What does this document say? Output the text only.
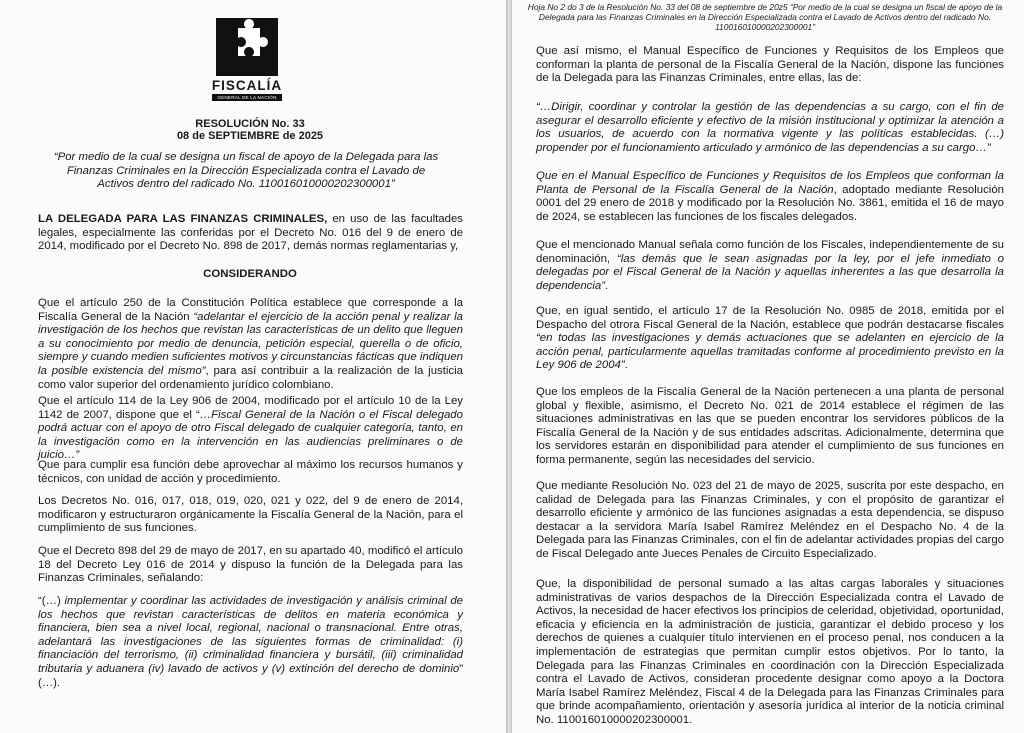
FISCALÍA
GENERAL DE LA NACIÓN

RESOLUCIÓN No. 33

08 de SEPTIEMBRE de 2025

“Por medio de la cual se designa un fiscal de apoyo de la Delegada para las Finanzas Criminales en la Dirección Especializada contra el Lavado de Activos dentro del radicado No. 110016010000202300001”

LA DELEGADA PARA LAS FINANZAS CRIMINALES, en uso de las facultades legales, especialmente las conferidas por el Decreto No. 016 del 9 de enero de 2014, modificado por el Decreto No. 898 de 2017, demás normas reglamentarias y,

CONSIDERANDO

Que el artículo 250 de la Constitución Política establece que corresponde a la Fiscalía General de la Nación “adelantar el ejercicio de la acción penal y realizar la investigación de los hechos que revistan las características de un delito que lleguen a su conocimiento por medio de denuncia, petición especial, querella o de oficio, siempre y cuando medien suficientes motivos y circunstancias fácticas que indiquen la posible existencia del mismo”, para así contribuir a la realización de la justicia como valor superior del ordenamiento jurídico colombiano.

Que el artículo 114 de la Ley 906 de 2004, modificado por el artículo 10 de la Ley 1142 de 2007, dispone que el “…Fiscal General de la Nación o el Fiscal delegado podrá actuar con el apoyo de otro Fiscal delegado de cualquier categoría, tanto, en la investigación como en la intervención en las audiencias preliminares o de juicio…”

Que para cumplir esa función debe aprovechar al máximo los recursos humanos y técnicos, con unidad de acción y procedimiento.

Los Decretos No. 016, 017, 018, 019, 020, 021 y 022, del 9 de enero de 2014, modificaron y estructuraron orgánicamente la Fiscalía General de la Nación, para el cumplimiento de sus funciones.

Que el Decreto 898 del 29 de mayo de 2017, en su apartado 40, modificó el artículo 18 del Decreto Ley 016 de 2014 y dispuso la función de la Delegada para las Finanzas Criminales, señalando:

“(…) implementar y coordinar las actividades de investigación y análisis criminal de los hechos que revistan características de delitos en materia económica y financiera, bien sea a nivel local, regional, nacional o transnacional. Entre otras, adelantará las investigaciones de las siguientes formas de criminalidad: (i) financiación del terrorismo, (ii) criminalidad financiera y bursátil, (iii) criminalidad tributaria y aduanera (iv) lavado de activos y (v) extinción del derecho de dominio” (…).

Hoja No 2 do 3 de la Resolución No. 33 del 08 de septiembre de 20z5 “Por medio de la cual se designa un fiscal de apoyo de la Delegada para las Finanzas Criminales en la Dirección Especializada contra el Lavado de Activos dentro del radicado No. 110016010000202300001”

Que así mismo, el Manual Específico de Funciones y Requisitos de los Empleos que conforman la planta de personal de la Fiscalía General de la Nación, dispone las funciones de la Delegada para las Finanzas Criminales, entre ellas, las de:

“…Dirigir, coordinar y controlar la gestión de las dependencias a su cargo, con el fin de asegurar el desarrollo eficiente y efectivo de la misión institucional y optimizar la atención a los usuarios, de acuerdo con la normativa vigente y las políticas establecidas. (…) propender por el funcionamiento articulado y armónico de las dependencias a su cargo…”

Que en el Manual Específico de Funciones y Requisitos de los Empleos que conforman la Planta de Personal de la Fiscalía General de la Nación, adoptado mediante Resolución 0001 del 29 enero de 2018 y modificado por la Resolución No. 3861, emitida el 16 de mayo de 2024, se establecen las funciones de los fiscales delegados.

Que el mencionado Manual señala como función de los Fiscales, independientemente de su denominación, “las demás que le sean asignadas por la ley, por el jefe inmediato o delegadas por el Fiscal General de la Nación y aquellas inherentes a las que desarrolla la dependencia”.

Que, en igual sentido, el artículo 17 de la Resolución No. 0985 de 2018, emitida por el Despacho del otrora Fiscal General de la Nación, establece que podrán destacarse fiscales “en todas las investigaciones y demás actuaciones que se adelanten en ejercicio de la acción penal, particularmente aquellas tramitadas conforme al procedimiento previsto en la Ley 906 de 2004”.

Que los empleos de la Fiscalía General de la Nación pertenecen a una planta de personal global y flexible, asimismo, el Decreto No. 021 de 2014 establece el régimen de las situaciones administrativas en las que se pueden encontrar los servidores públicos de la Fiscalía General de la Nación y de sus entidades adscritas. Adicionalmente, determina que los servidores estarán en disponibilidad para atender el cumplimiento de sus funciones en forma permanente, según las necesidades del servicio.

Que mediante Resolución No. 023 del 21 de mayo de 2025, suscrita por este despacho, en calidad de Delegada para las Finanzas Criminales, y con el propósito de garantizar el desarrollo eficiente y armónico de las funciones asignadas a esta dependencia, se dispuso destacar a la servidora María Isabel Ramírez Meléndez en el Despacho No. 4 de la Delegada para las Finanzas Criminales, con el fin de adelantar actividades propias del cargo de Fiscal Delegado ante Jueces Penales de Circuito Especializado.

Que, la disponibilidad de personal sumado a las altas cargas laborales y situaciones administrativas de varios despachos de la Dirección Especializada contra el Lavado de Activos, la necesidad de hacer efectivos los principios de celeridad, objetividad, oportunidad, eficacia y eficiencia en la administración de justicia, garantizar el debido proceso y los derechos de quienes a cualquier título intervienen en el proceso penal, nos conducen a la implementación de estrategias que permitan cumplir estos objetivos. Por lo tanto, la Delegada para las Finanzas Criminales en coordinación con la Dirección Especializada contra el Lavado de Activos, consideran procedente designar como apoyo a la Doctora María Isabel Ramírez Meléndez, Fiscal 4 de la Delegada para las Finanzas Criminales para que brinde acompañamiento, orientación y asesoría jurídica al interior de la noticia criminal No. 110016010000202300001.
